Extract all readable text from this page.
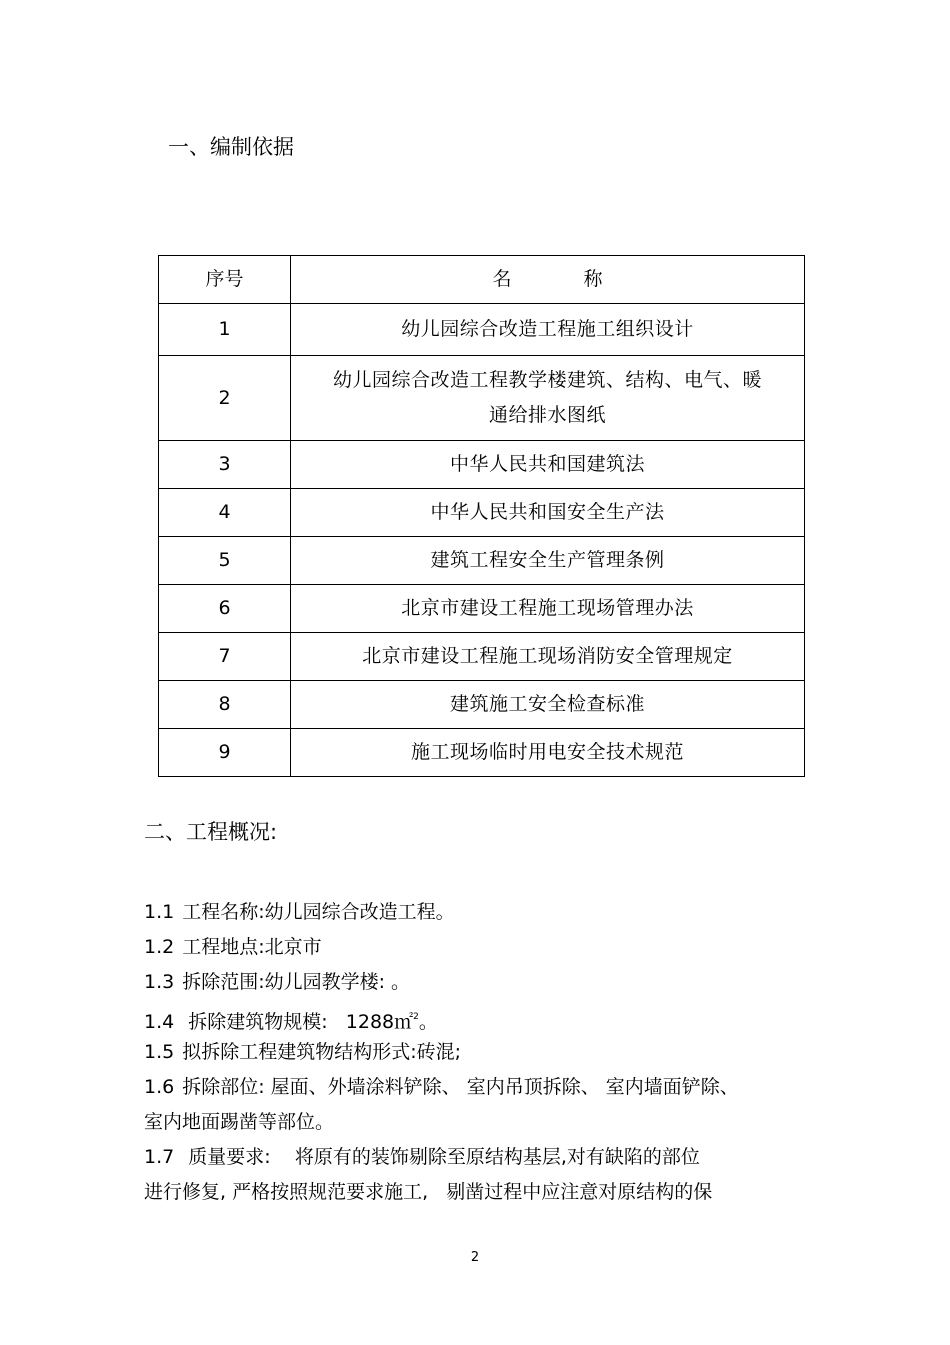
一、编制依据
序号	名 称
1	幼儿园综合改造工程施工组织设计
2	幼儿园综合改造工程教学楼建筑、结构、电气、暖
通给排水图纸

3	中华人民共和国建筑法
4	中华人民共和国安全生产法
5	建筑工程安全生产管理条例
6	北京市建设工程施工现场管理办法
7	北京市建设工程施工现场消防安全管理规定
8	建筑施工安全检查标准
9	施工现场临时用电安全技术规范
二、工程概况:
1.1 工程名称:幼儿园综合改造工程。
1.2 工程地点:北京市
1.3 拆除范围:幼儿园教学楼: 。
1.4 拆除建筑物规模:   1288㎡$^2$。
1.5 拟拆除工程建筑物结构形式:砖混;
1.6 拆除部位: 屋面、外墙涂料铲除、 室内吊顶拆除、 室内墙面铲除、
室内地面踢凿等部位。
1.7 质量要求:    将原有的装饰剔除至原结构基层,对有缺陷的部位
进行修复, 严格按照规范要求施工,   剔凿过程中应注意对原结构的保
2
